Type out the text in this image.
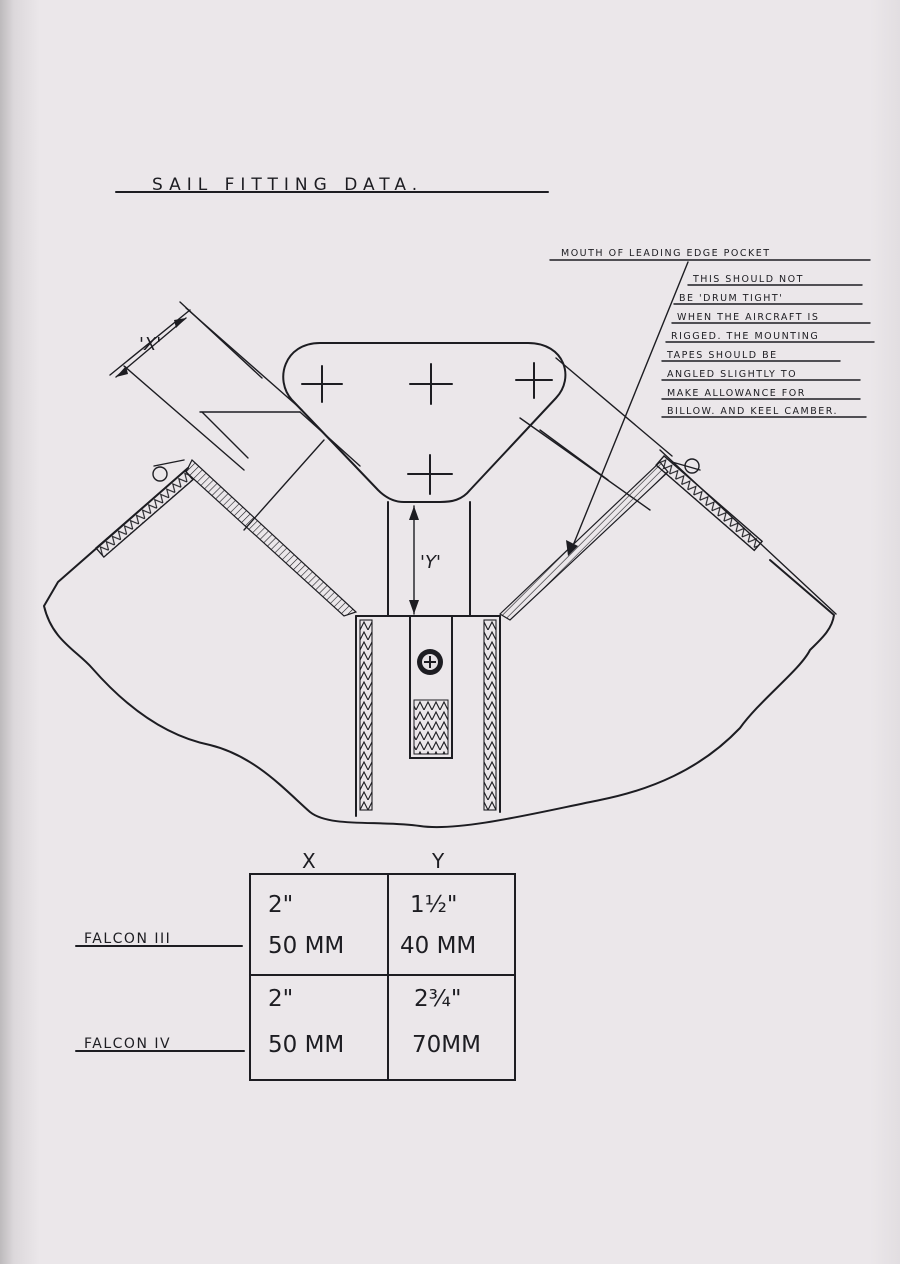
SAIL FITTING DATA.
MOUTH OF LEADING EDGE POCKET
THIS SHOULD NOT
BE 'DRUM TIGHT'
WHEN THE AIRCRAFT IS
RIGGED. THE MOUNTING
TAPES SHOULD BE
ANGLED SLIGHTLY TO
MAKE ALLOWANCE FOR
BILLOW. AND KEEL CAMBER.
'X'
'Y'
X	Y
2"
50 MM
1½"
40 MM
2"
50 MM
2¾"
70MM
FALCON III
FALCON IV
